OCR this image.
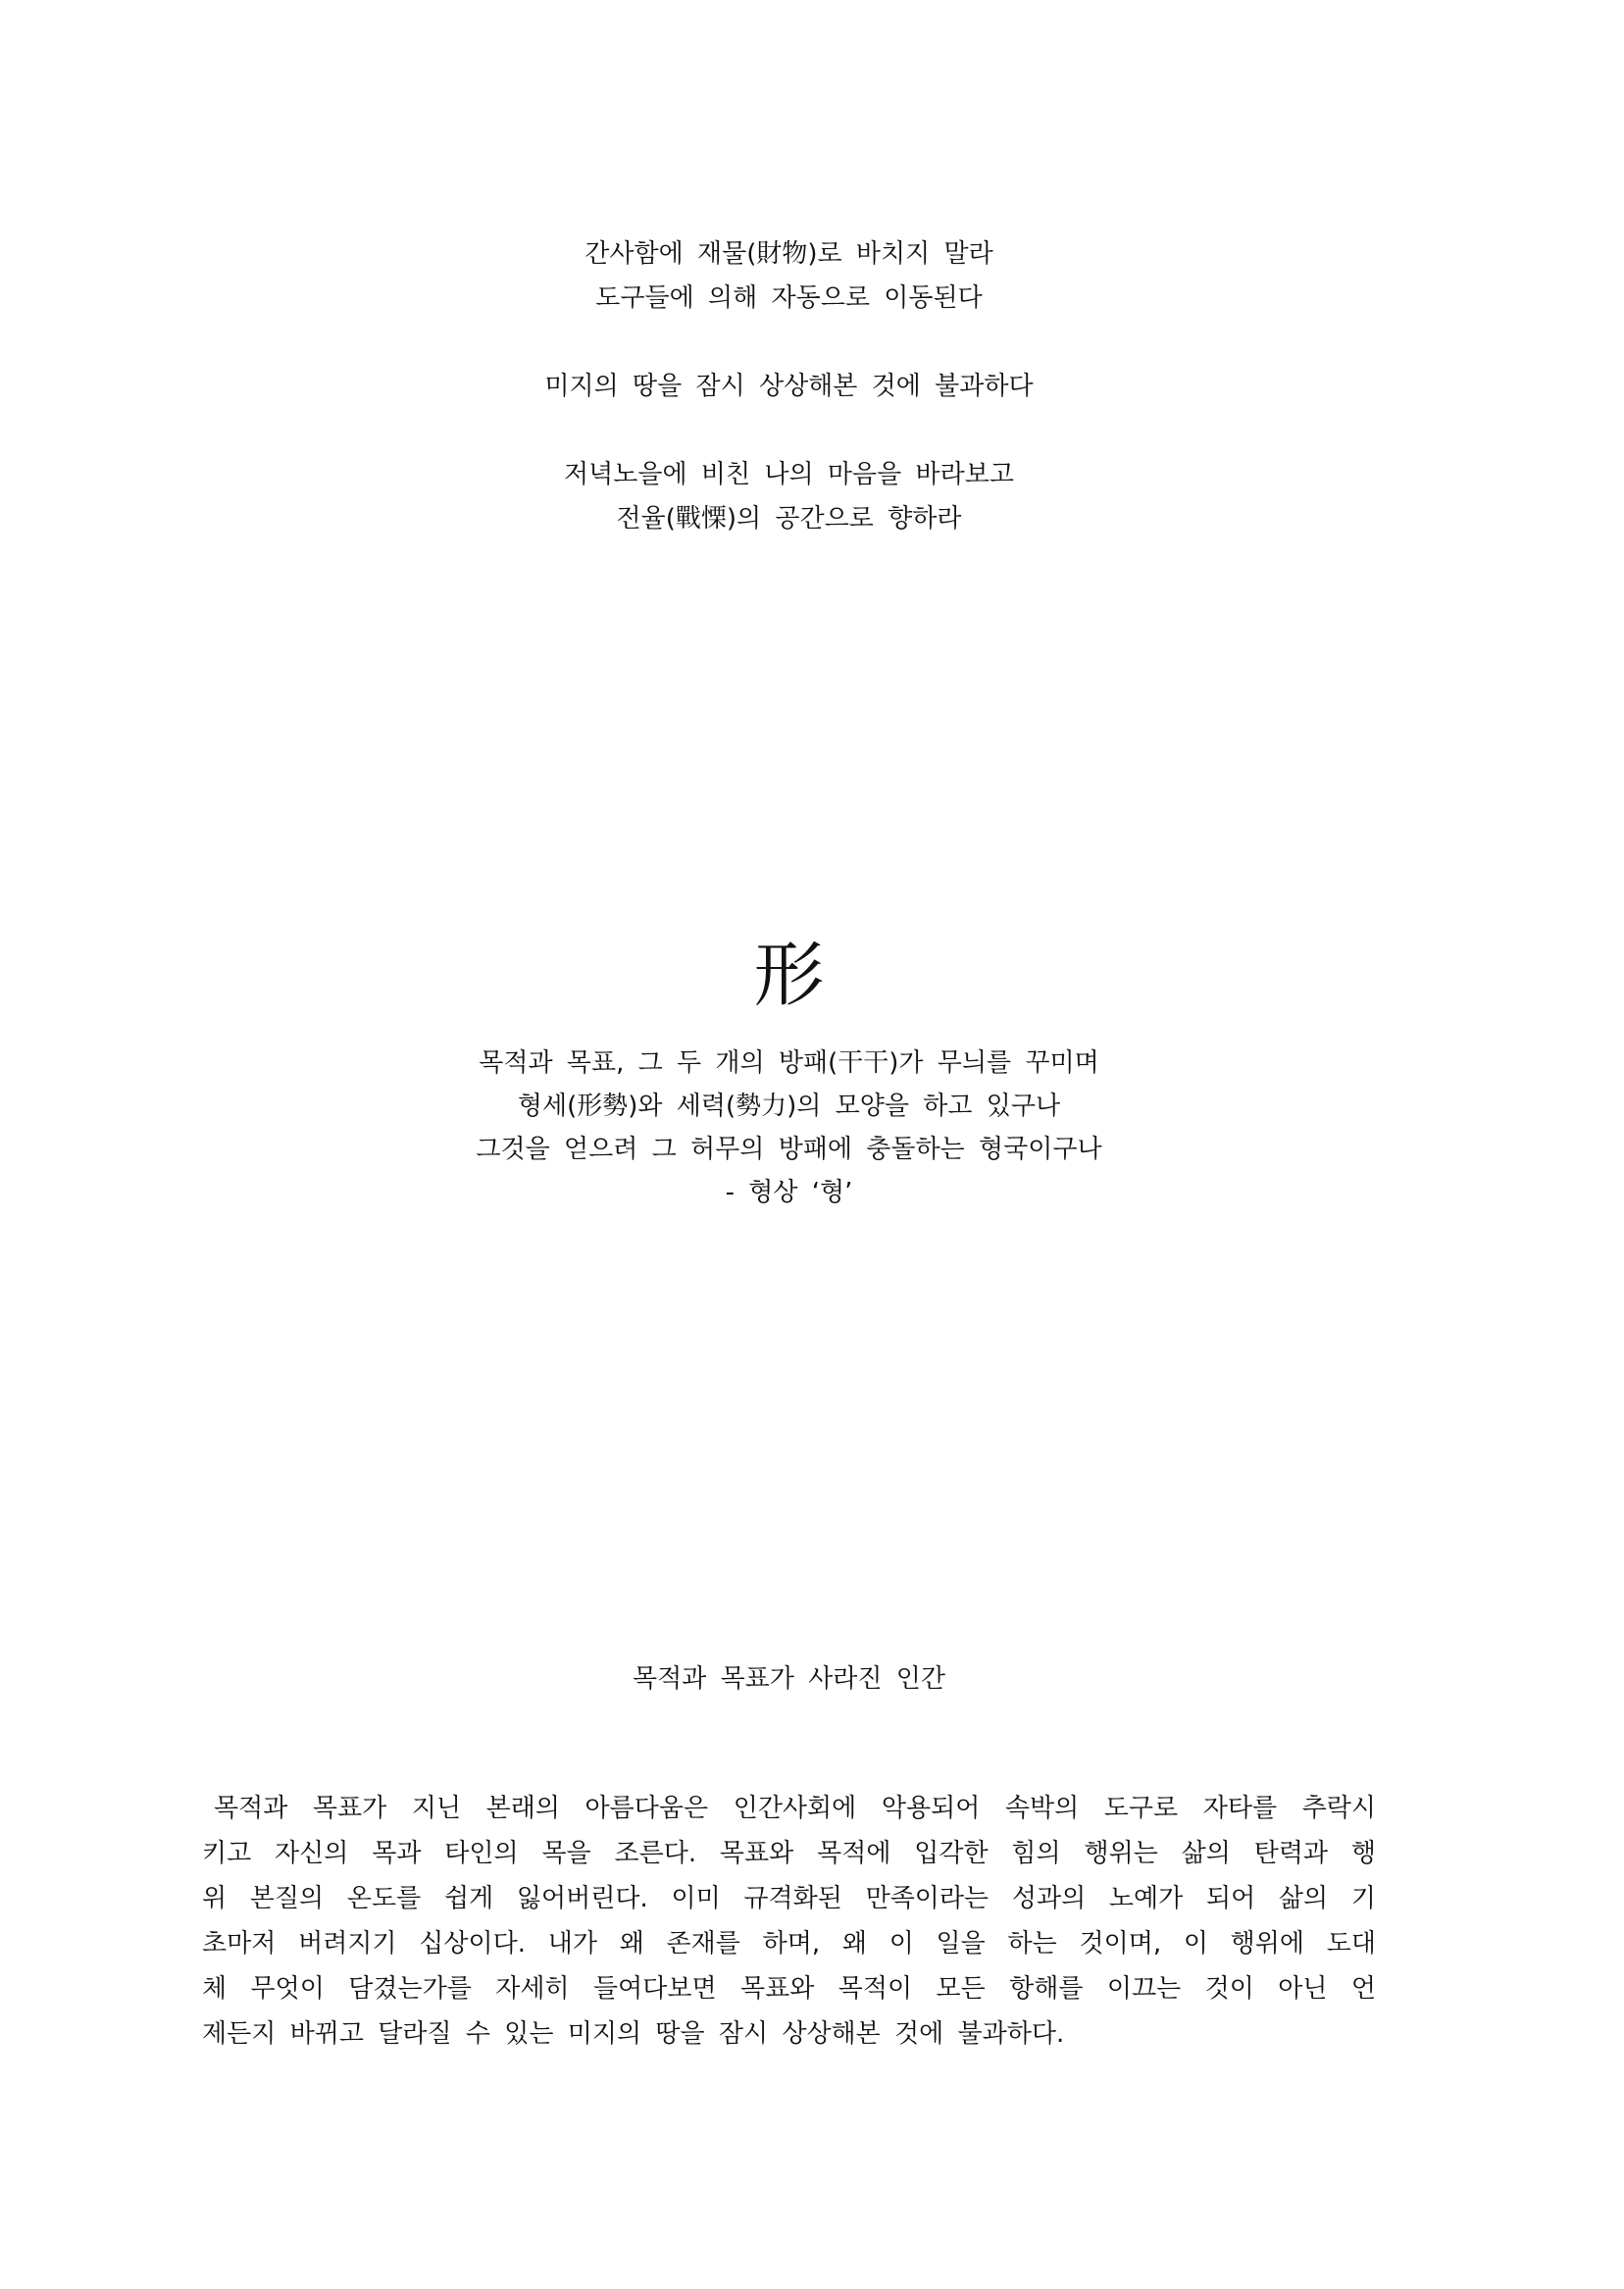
간사함에 재물(財物)로 바치지 말라
도구들에 의해 자동으로 이동된다
미지의 땅을 잠시 상상해본 것에 불과하다
저녁노을에 비친 나의 마음을 바라보고
전율(戰慄)의 공간으로 향하라
形
목적과 목표, 그 두 개의 방패(干干)가 무늬를 꾸미며
형세(形勢)와 세력(勢力)의 모양을 하고 있구나
그것을 얻으려 그 허무의 방패에 충돌하는 형국이구나
- 형상 ‘형’
목적과 목표가 사라진 인간
목적과 목표가 지닌 본래의 아름다움은 인간사회에 악용되어 속박의 도구로 자타를 추락시
키고 자신의 목과 타인의 목을 조른다. 목표와 목적에 입각한 힘의 행위는 삶의 탄력과 행
위 본질의 온도를 쉽게 잃어버린다. 이미 규격화된 만족이라는 성과의 노예가 되어 삶의 기
초마저 버려지기 십상이다. 내가 왜 존재를 하며, 왜 이 일을 하는 것이며, 이 행위에 도대
체 무엇이 담겼는가를 자세히 들여다보면 목표와 목적이 모든 항해를 이끄는 것이 아닌 언
제든지 바뀌고 달라질 수 있는 미지의 땅을 잠시 상상해본 것에 불과하다.
